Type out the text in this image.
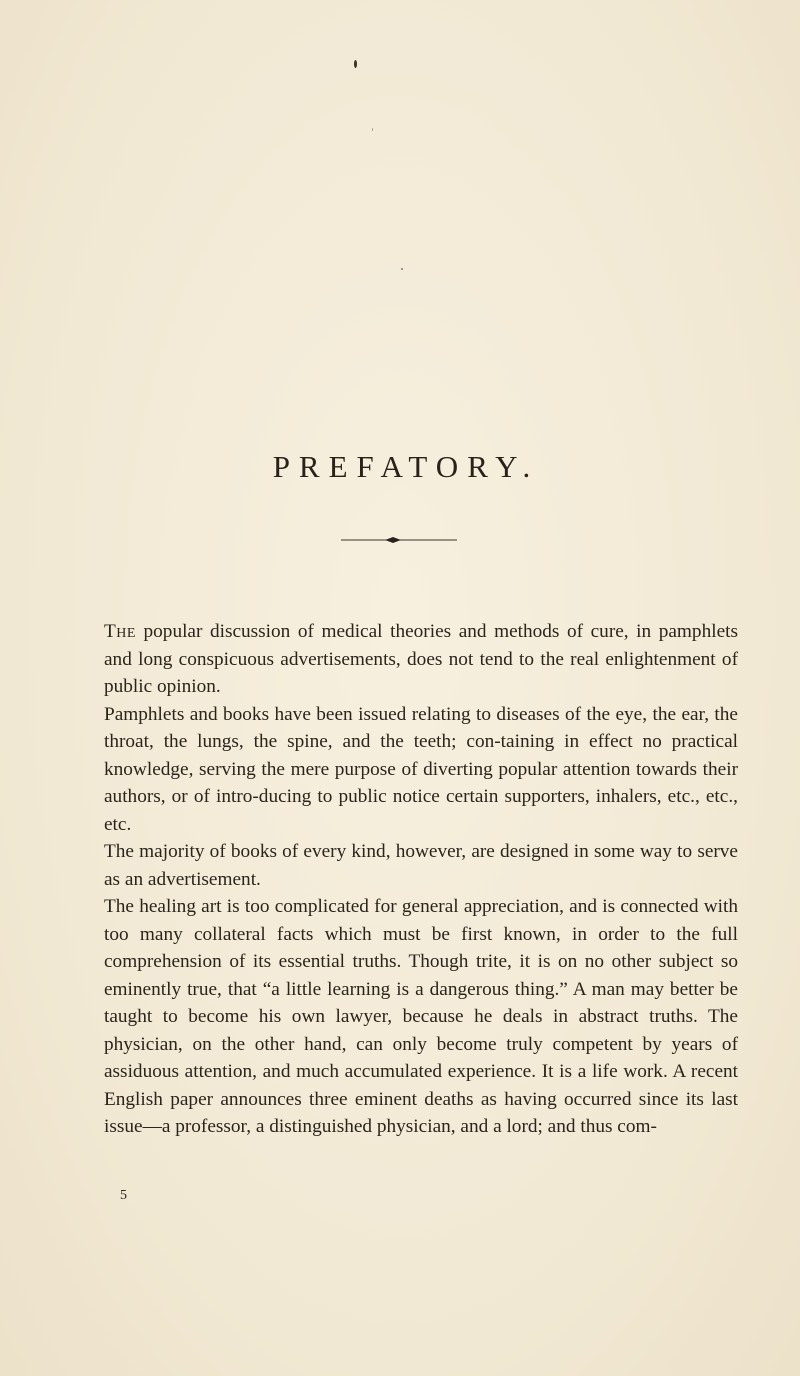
PREFATORY.

The popular discussion of medical theories and methods of cure, in pamphlets and long conspicuous advertisements, does not tend to the real enlightenment of public opinion.

Pamphlets and books have been issued relating to diseases of the eye, the ear, the throat, the lungs, the spine, and the teeth; con-taining in effect no practical knowledge, serving the mere purpose of diverting popular attention towards their authors, or of intro-ducing to public notice certain supporters, inhalers, etc., etc., etc.

The majority of books of every kind, however, are designed in some way to serve as an advertisement.

The healing art is too complicated for general appreciation, and is connected with too many collateral facts which must be first known, in order to the full comprehension of its essential truths. Though trite, it is on no other subject so eminently true, that “a little learning is a dangerous thing.” A man may better be taught to become his own lawyer, because he deals in abstract truths. The physician, on the other hand, can only become truly competent by years of assiduous attention, and much accumulated experience. It is a life work. A recent English paper announces three eminent deaths as having occurred since its last issue—a professor, a distinguished physician, and a lord; and thus com-

5
